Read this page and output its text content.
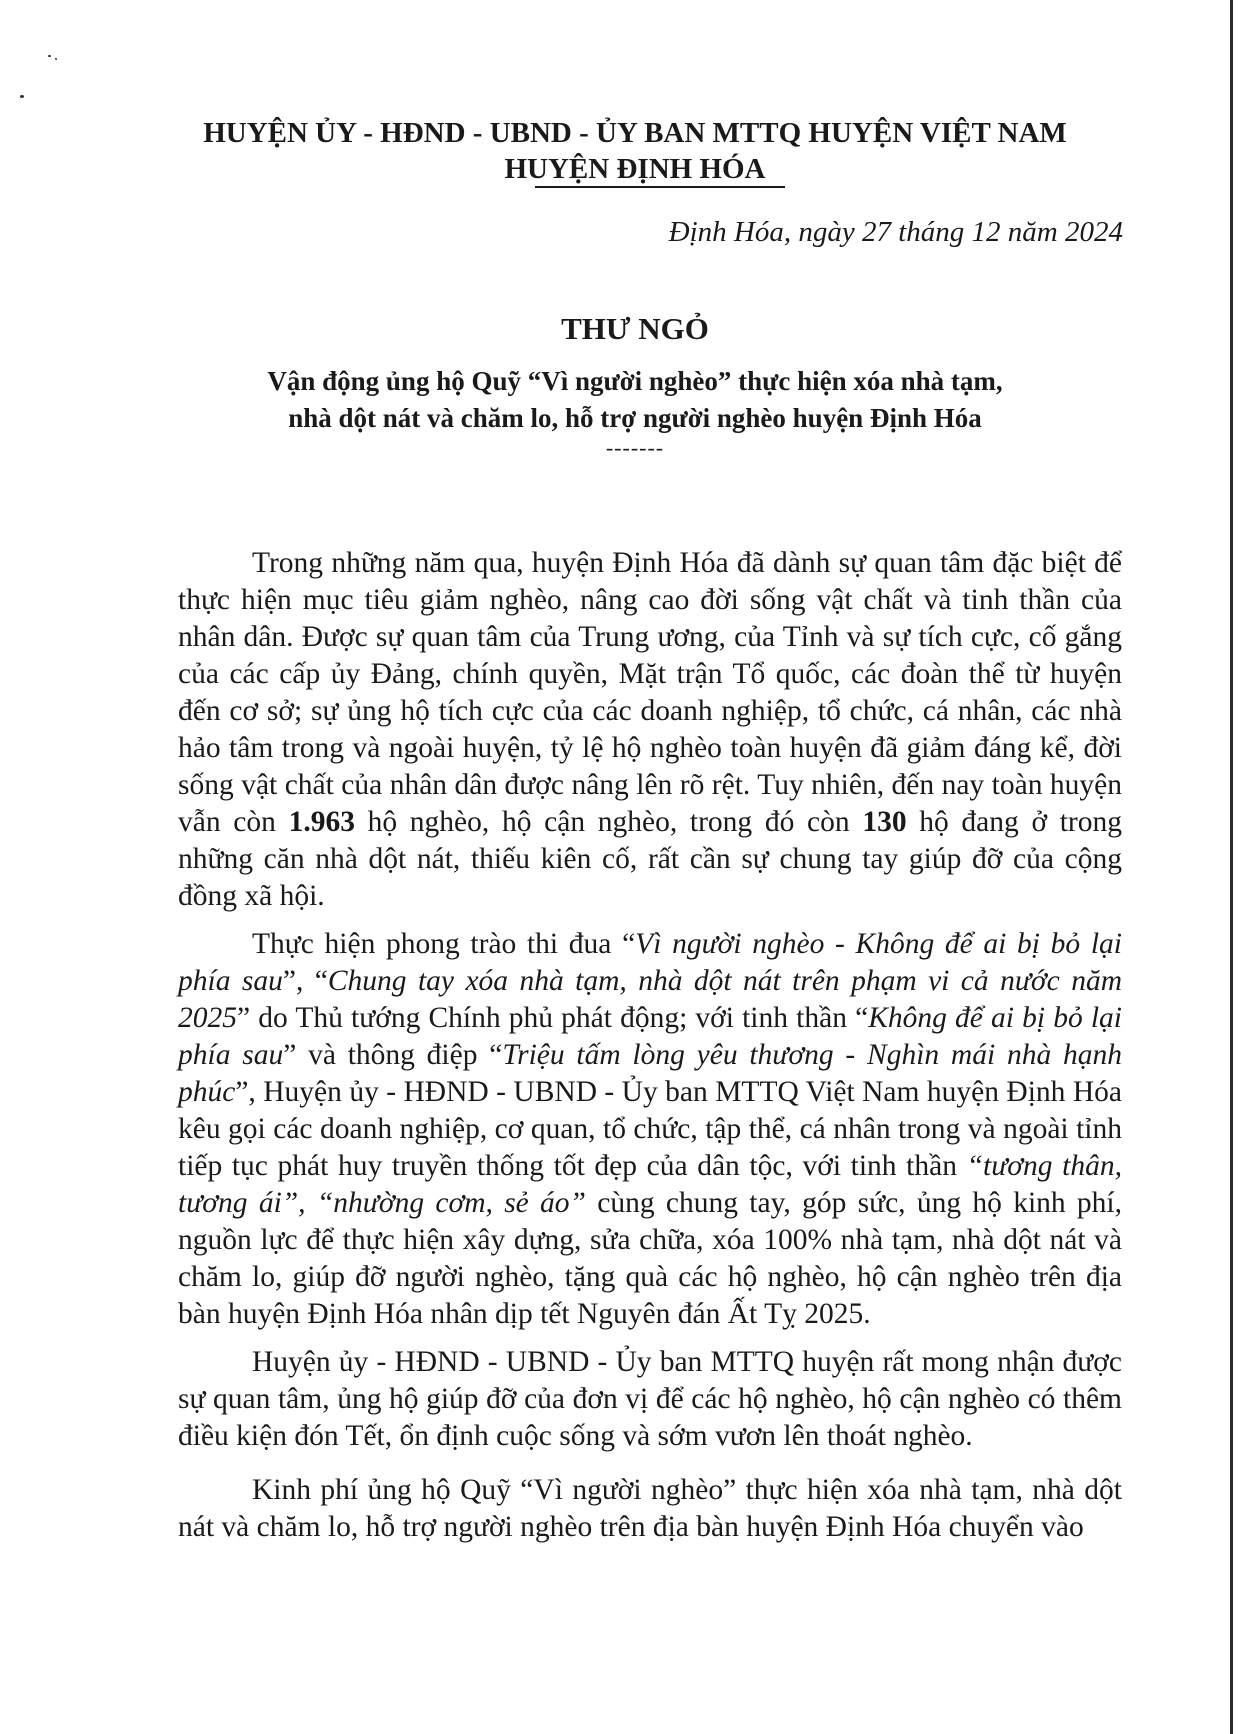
HUYỆN ỦY - HĐND - UBND - ỦY BAN MTTQ HUYỆN VIỆT NAM
HUYỆN ĐỊNH HÓA
Định Hóa, ngày 27 tháng 12 năm 2024
THƯ NGỎ
Vận động ủng hộ Quỹ “Vì người nghèo” thực hiện xóa nhà tạm,
nhà dột nát và chăm lo, hỗ trợ người nghèo huyện Định Hóa
-------

Trong những năm qua, huyện Định Hóa đã dành sự quan tâm đặc biệt để thực hiện mục tiêu giảm nghèo, nâng cao đời sống vật chất và tinh thần của nhân dân. Được sự quan tâm của Trung ương, của Tỉnh và sự tích cực, cố gắng của các cấp ủy Đảng, chính quyền, Mặt trận Tổ quốc, các đoàn thể từ huyện đến cơ sở; sự ủng hộ tích cực của các doanh nghiệp, tổ chức, cá nhân, các nhà hảo tâm trong và ngoài huyện, tỷ lệ hộ nghèo toàn huyện đã giảm đáng kể, đời sống vật chất của nhân dân được nâng lên rõ rệt. Tuy nhiên, đến nay toàn huyện vẫn còn 1.963 hộ nghèo, hộ cận nghèo, trong đó còn 130 hộ đang ở trong những căn nhà dột nát, thiếu kiên cố, rất cần sự chung tay giúp đỡ của cộng đồng xã hội.

Thực hiện phong trào thi đua “Vì người nghèo - Không để ai bị bỏ lại phía sau”, “Chung tay xóa nhà tạm, nhà dột nát trên phạm vi cả nước năm 2025” do Thủ tướng Chính phủ phát động; với tinh thần “Không để ai bị bỏ lại phía sau” và thông điệp “Triệu tấm lòng yêu thương - Nghìn mái nhà hạnh phúc”, Huyện ủy - HĐND - UBND - Ủy ban MTTQ Việt Nam huyện Định Hóa kêu gọi các doanh nghiệp, cơ quan, tổ chức, tập thể, cá nhân trong và ngoài tỉnh tiếp tục phát huy truyền thống tốt đẹp của dân tộc, với tinh thần “tương thân, tương ái”, “nhường cơm, sẻ áo” cùng chung tay, góp sức, ủng hộ kinh phí, nguồn lực để thực hiện xây dựng, sửa chữa, xóa 100% nhà tạm, nhà dột nát và chăm lo, giúp đỡ người nghèo, tặng quà các hộ nghèo, hộ cận nghèo trên địa bàn huyện Định Hóa nhân dịp tết Nguyên đán Ất Tỵ 2025.

Huyện ủy - HĐND - UBND - Ủy ban MTTQ huyện rất mong nhận được sự quan tâm, ủng hộ giúp đỡ của đơn vị để các hộ nghèo, hộ cận nghèo có thêm điều kiện đón Tết, ổn định cuộc sống và sớm vươn lên thoát nghèo.

Kinh phí ủng hộ Quỹ “Vì người nghèo” thực hiện xóa nhà tạm, nhà dột nát và chăm lo, hỗ trợ người nghèo trên địa bàn huyện Định Hóa chuyển vào
